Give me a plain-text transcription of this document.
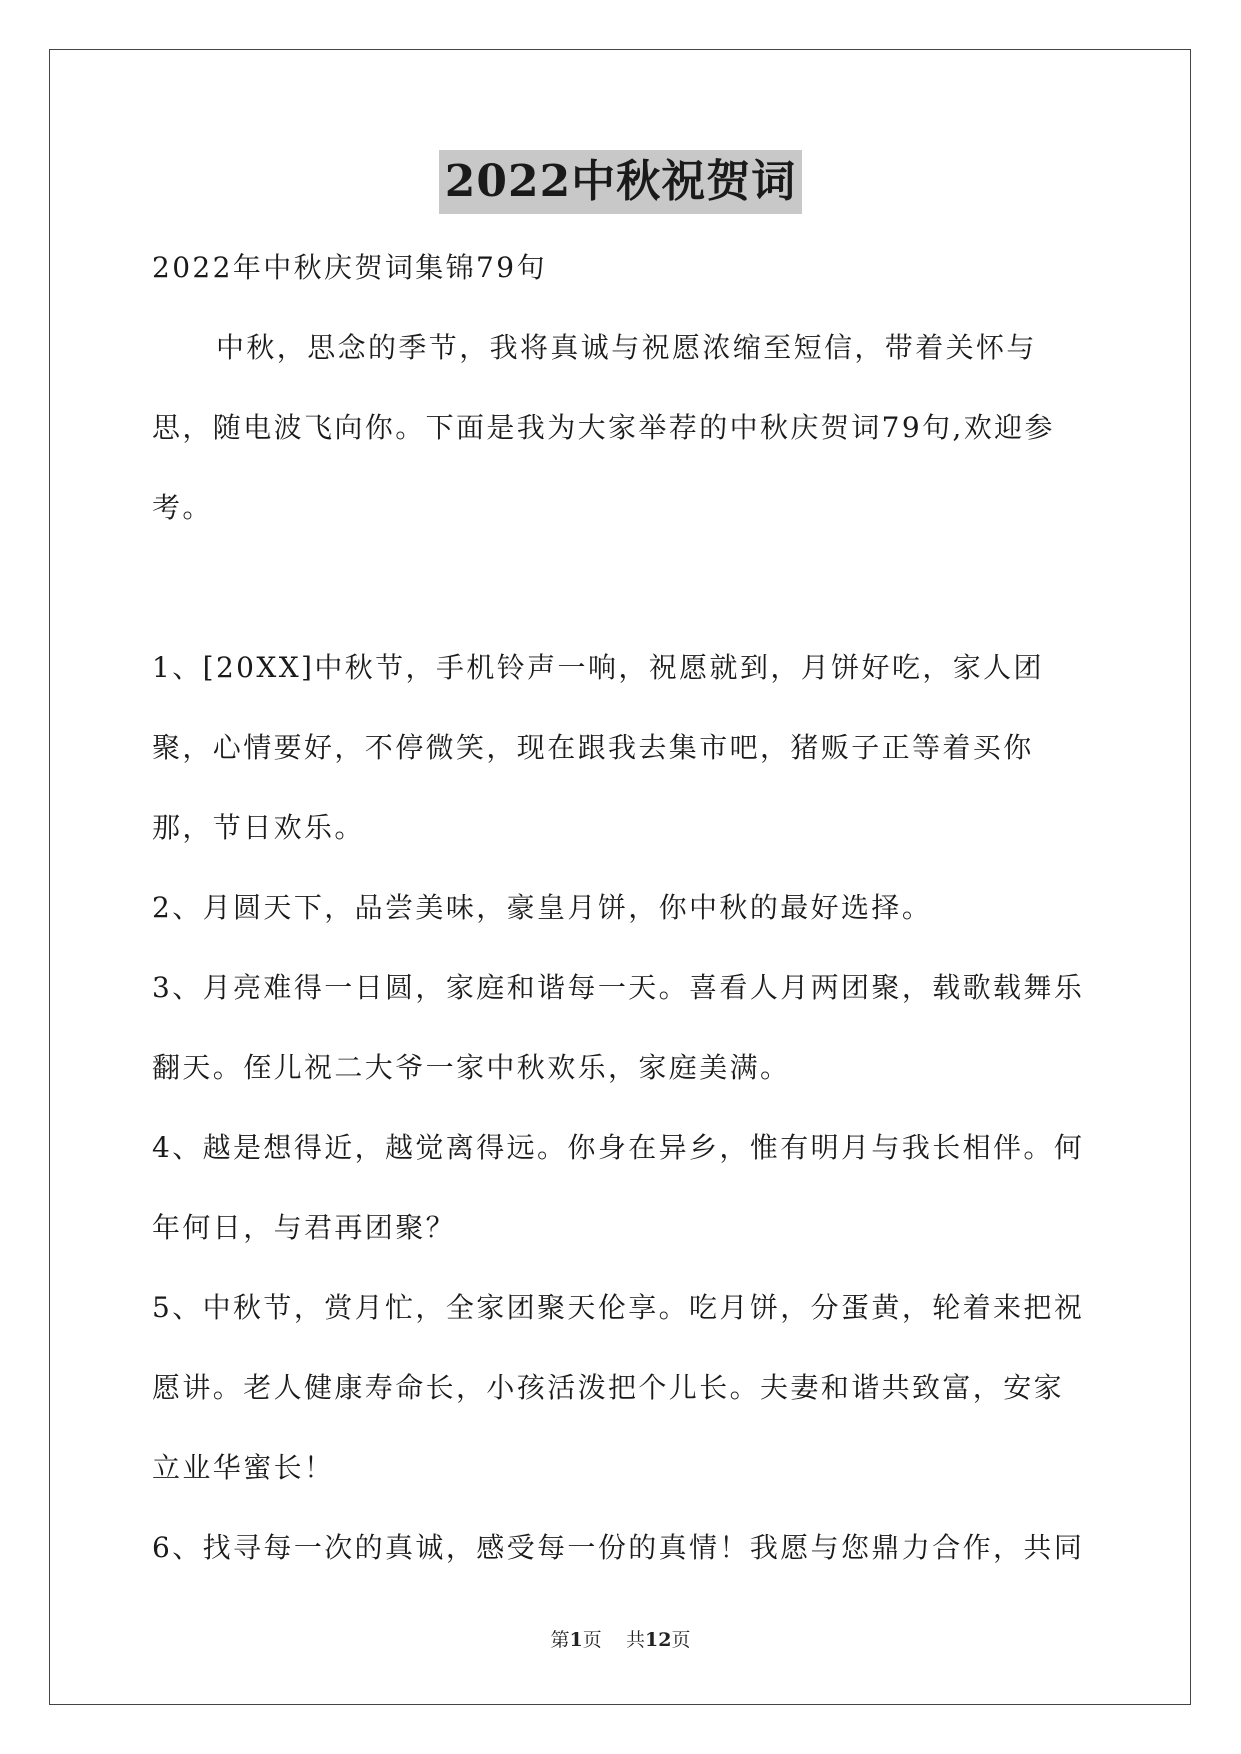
2022中秋祝贺词

2022年中秋庆贺词集锦79句

中秋，思念的季节，我将真诚与祝愿浓缩至短信，带着关怀与思，随电波飞向你。下面是我为大家举荐的中秋庆贺词79句,欢迎参考。

1、[20XX]中秋节，手机铃声一响，祝愿就到，月饼好吃，家人团聚，心情要好，不停微笑，现在跟我去集市吧，猪贩子正等着买你那，节日欢乐。

2、月圆天下，品尝美味，豪皇月饼，你中秋的最好选择。

3、月亮难得一日圆，家庭和谐每一天。喜看人月两团聚，载歌载舞乐翻天。侄儿祝二大爷一家中秋欢乐，家庭美满。

4、越是想得近，越觉离得远。你身在异乡，惟有明月与我长相伴。何年何日，与君再团聚？

5、中秋节，赏月忙，全家团聚天伦享。吃月饼，分蛋黄，轮着来把祝愿讲。老人健康寿命长，小孩活泼把个儿长。夫妻和谐共致富，安家立业华蜜长！

6、找寻每一次的真诚，感受每一份的真情！我愿与您鼎力合作，共同

第1页 共12页
